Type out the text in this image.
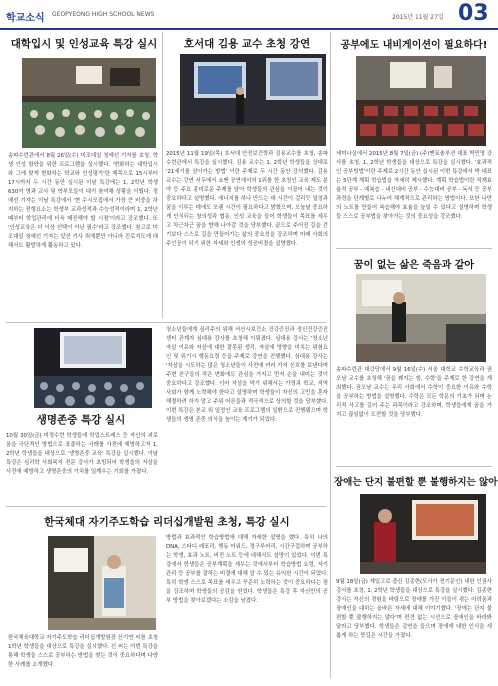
학교소식 GEOPYEONG HIGH SCHOOL NEWS	2015년 11월 27일 03
대학입시 및 인성교육 특강 실시
송파수련관에서 8월 26일(수) 미조대일 청예선 기자를 초청, 학생 인성 함양을 위한 프로그램을 실시했다. '변화하는 대학입시와 그에 맞게 변화하는 학교와 인성평가'란 제목으로 15시부터 17시까지 두 시간 동안 실시된 이날 특강에는 1, 2학년 학생 630여 명과 교사 및 학부모들이 대거 참여해 성황을 이뤘다. 정예선 기자는 이날 특강에서 '현 수시모집에서 가장 큰 비중을 차지하는 전형요소는 학생부 교과성적과 수능성적이라며 1, 2학년 때부터 학업관리에 더욱 매진해야 할 시점'이라고 강조했다. 또 '인성교육은 더 이상 선택이 아닌 필수'라고 강조했다. 참고로 미조대일 청예선 기자는 앞선 기사 취재뿐만 아니라 진로지도에 대해서도 활발하게 활동하고 있다.
호서대 김용 교수 초청 강연
2015년 11월 19일(목) 호서대 안전보건학과 김용교수를 초청, 송파수련관에서 특강을 실시했다. 김용 교수는 1, 2학년 학생들을 상대로 '21세기를 살아가는 방법' 이란 주제로 두 시간 동안 강의했다. 김용 교수는 강연 서두에서 쇼맨 공연에서의 1위를 한 초청인 교육 제도 분야 등 주요 흥미로운 주제를 담아 학생들의 관심을 이끌어 내는 것이 중요하다고 설명했다. 에너지를 하나 만드는 데 시간이 걸리듯 열정과 꿈을 이루는 데에도 오랜 시간이 필요하다고 밝혔으며, 오늘날 중요하게 인식되는 창의성과 협동, 인성 교육을 들어 학생들이 목표를 세우고 차근차근 꿈을 향해 나아갈 것을 당부했다. 끝으로 주어진 길을 걷기보다 스스로 길을 만들어가는 삶의 중요성을 강조하며 미래 사회의 주인공이 되기 위한 자세와 인생의 성공비결을 설명했다.
공부에도 내비게이션이 필요하다!
세미나실에서 2015년 8월 7일(금) (주)멘토솔루션 대표 박민영 강사를 초청, 1, 2학년 학생들을 대상으로 특강을 실시했다. '효과적인 공부방법'이란 주제로 2시간 동안 실시된 이번 특강에서 박 대표는 5단계 계획 학습법을 자세히 제시했다. 계획 학습법이란 적재효율적 공부 - 예복습 - 내신대비 공부 - 수능대비 공부 - 독서 등 공부 과정을 단계별로 나누어 체계적으로 관리하는 방법이다. 또한 나만의 노트를 만들어 복습해야 효율을 높일 수 있다고 설명하며 학생들 스스로 공부법을 찾아가는 것의 중요성을 강조했다.
꿈이 없는 삶은 죽음과 같아
송파수련관 대강당에서 9월 16일(수) 서울 대학교 수학교육과 권오남 교수를 초청해 '꿈을 꿰지는 힘, 수학'을 주제로 한 강연을 개최했다. 권오남 교수는 우리 사회에서 수학이 중요한 이유와 수학을 공부하는 방법을 설명했다. 수학은 모든 학문의 기초가 되며 논리적 사고를 길러 주는 과목이라고 강조하며, 학생들에게 꿈을 가지고 끊임없이 도전할 것을 당부했다.
생명존중 특강 실시
10월 30일(금) 미정수련 학생들에 학업스트레스 등 자신의 괴로움을 극단적인 방법으로 표출하는 사례를 사전에 예방하고자 1, 2학년 학생들을 대상으로 '생명존중 교육' 특강을 실시했다. 이날 특강은 심리학 사회복지 전문 강사가 초빙되어 학생들의 자살을 사전에 예방하고 생명존중의 가치를 일깨우는 기회를 가졌다.
청소년들에게 심리주의 위해 서산시보건소 건강증진과 정신건강증진센터 관계자 심대용 강사를 초청해 이뤄졌다. 심대용 강사는 '청소년 자살 이유와 자살에 대한 잘못된 생각, 자살에 영향을 미치는 위험요인 및 위기시 행동요령 등을 주제로 강연을 진행했다. 심대용 강사는 '자살을 시도하는 많은 청소년들이 사전에 여러 가지 신호를 보낸다며 주변 친구들의 작은 변화에도 관심을 가지고 먼저 손을 내미는 것이 중요하다고 강조했다. 이어 자살을 막기 위해서는 가정과 학교, 지역사회가 함께 노력해야 한다고 설명하며 학생들이 자신의 고민을 혼자 해결하려 하지 말고 주위 어른들과 적극적으로 상의할 것을 당부했다. 이번 특강은 본교 위 일정인 교육 프로그램의 일환으로 진행됐으며 학생들의 생명 존중 의식을 높이는 계기가 되었다.
한국체대 자기주도학습 리더십개발원 초청, 특강 실시
한국체육대학교 자기주도학습 리더십개발원장 신기연 씨를 초청 1학년 학생들을 대상으로 특강을 실시했다. 신 씨는 이번 특강을 통해 학생들 스스로 공부하는 방법을 찾는 것이 중요하다며 다양한 사례를 소개했다.
방법과 효과적인 학습방법에 대해 자세한 설명을 했다. 특히 나의 DNA, 스타디 레포리, 행동 어워드, 정구루어리, 시간구걸하며 공부하는 학생, 효과 노트, 비전 노트 등에 대해서도 설명이 있었다. 이번 특강에서 학생들은 공부계획을 세우는 것에서부터 학습방법 요령, 자기관리 등 공부를 잘하는 비결에 대해 알 수 있는 유익한 시간이 되었다. 특히 학생 스스로 목표를 세우고 꾸준히 노력하는 것이 중요하다는 점을 강조하며 학생들의 공감을 얻었다. 학생들은 특강 후 자신만의 공부 방법을 찾아보겠다는 소감을 남겼다.
장애는 단지 불편할 뿐 불행하지는 않아
9월 18일(금) 체일고로 출신 김종현(모사가 전기문인) 대한 인권사 강사를 초청, 1, 2학년 학생들을 대상으로 특강을 실시했다. 김종현 강사는 자신의 경험을 바탕으로 장애를 가진 이들이 겪는 어려움과 장애인을 대하는 올바른 자세에 대해 이야기했다. '장애는 단지 불편할 뿐 불행하지는 않다'며 편견 없는 시선으로 장애인을 바라봐 달라고 당부했다. 학생들은 강연을 들으며 장애에 대한 인식을 새롭게 하는 뜻깊은 시간을 가졌다.
